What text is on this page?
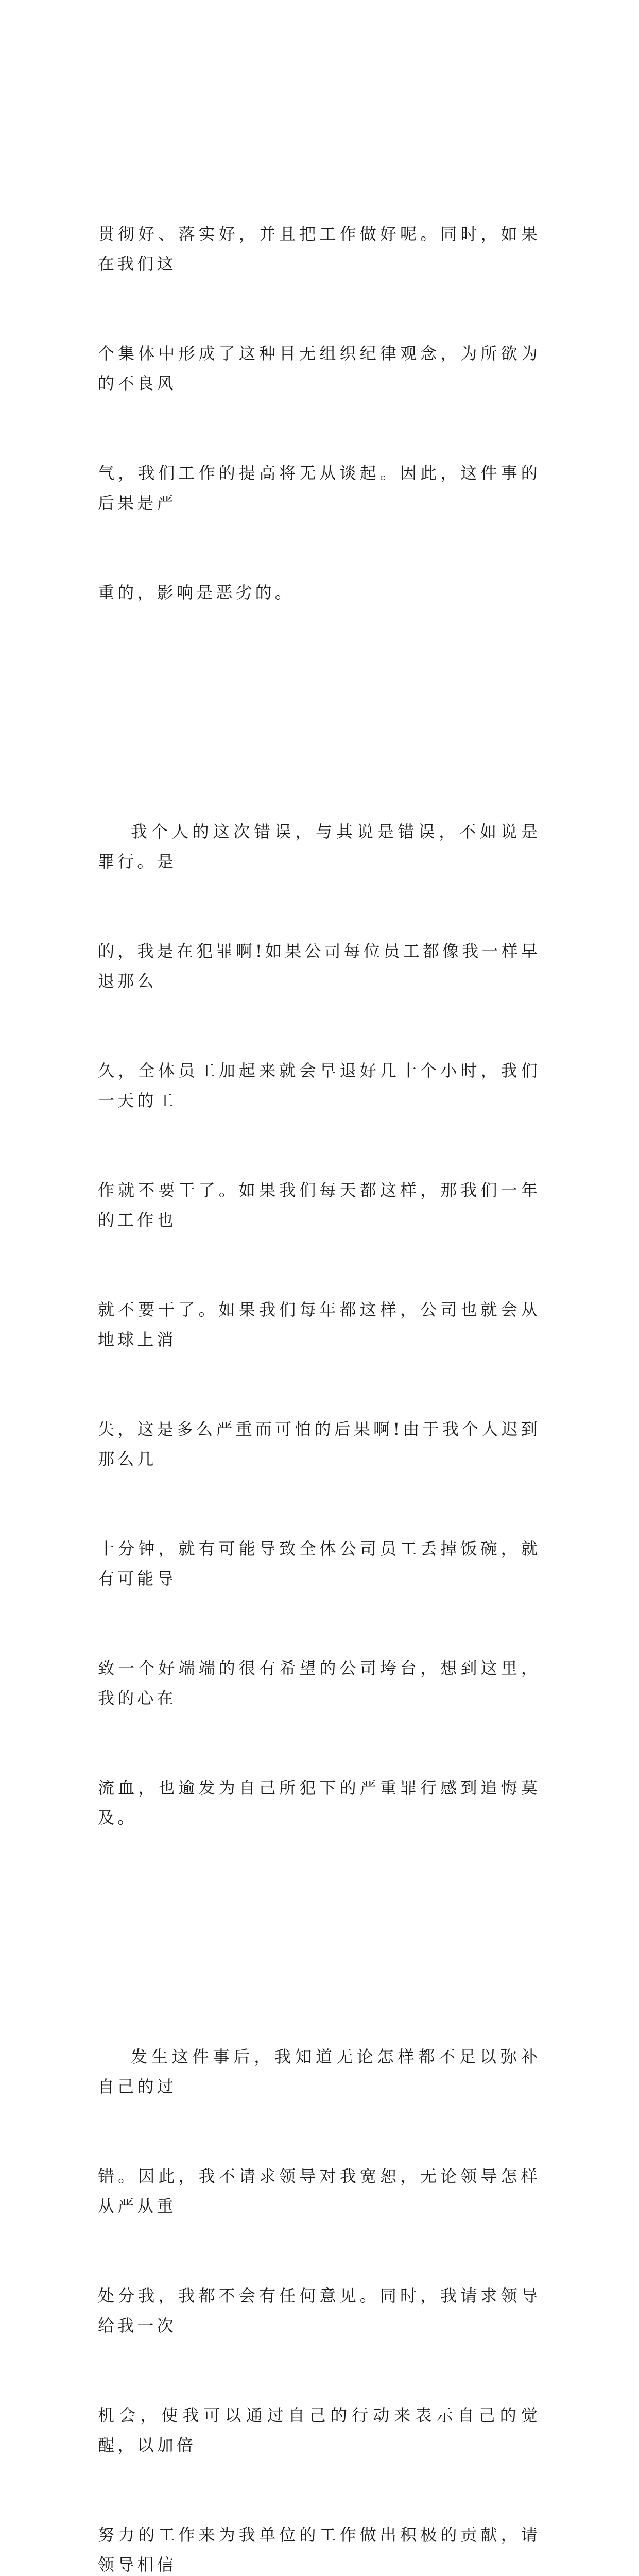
贯彻好、落实好，并且把工作做好呢。同时，如果在我们这

个集体中形成了这种目无组织纪律观念，为所欲为的不良风

气，我们工作的提高将无从谈起。因此，这件事的后果是严

重的，影响是恶劣的。

我个人的这次错误，与其说是错误，不如说是罪行。是

的，我是在犯罪啊!如果公司每位员工都像我一样早退那么

久，全体员工加起来就会早退好几十个小时，我们一天的工

作就不要干了。如果我们每天都这样，那我们一年的工作也

就不要干了。如果我们每年都这样，公司也就会从地球上消

失，这是多么严重而可怕的后果啊!由于我个人迟到那么几

十分钟，就有可能导致全体公司员工丢掉饭碗，就有可能导

致一个好端端的很有希望的公司垮台，想到这里，我的心在

流血，也逾发为自己所犯下的严重罪行感到追悔莫及。

发生这件事后，我知道无论怎样都不足以弥补自己的过

错。因此，我不请求领导对我宽恕，无论领导怎样从严从重

处分我，我都不会有任何意见。同时，我请求领导给我一次

机会，使我可以通过自己的行动来表示自己的觉醒，以加倍

努力的工作来为我单位的工作做出积极的贡献，请领导相信
